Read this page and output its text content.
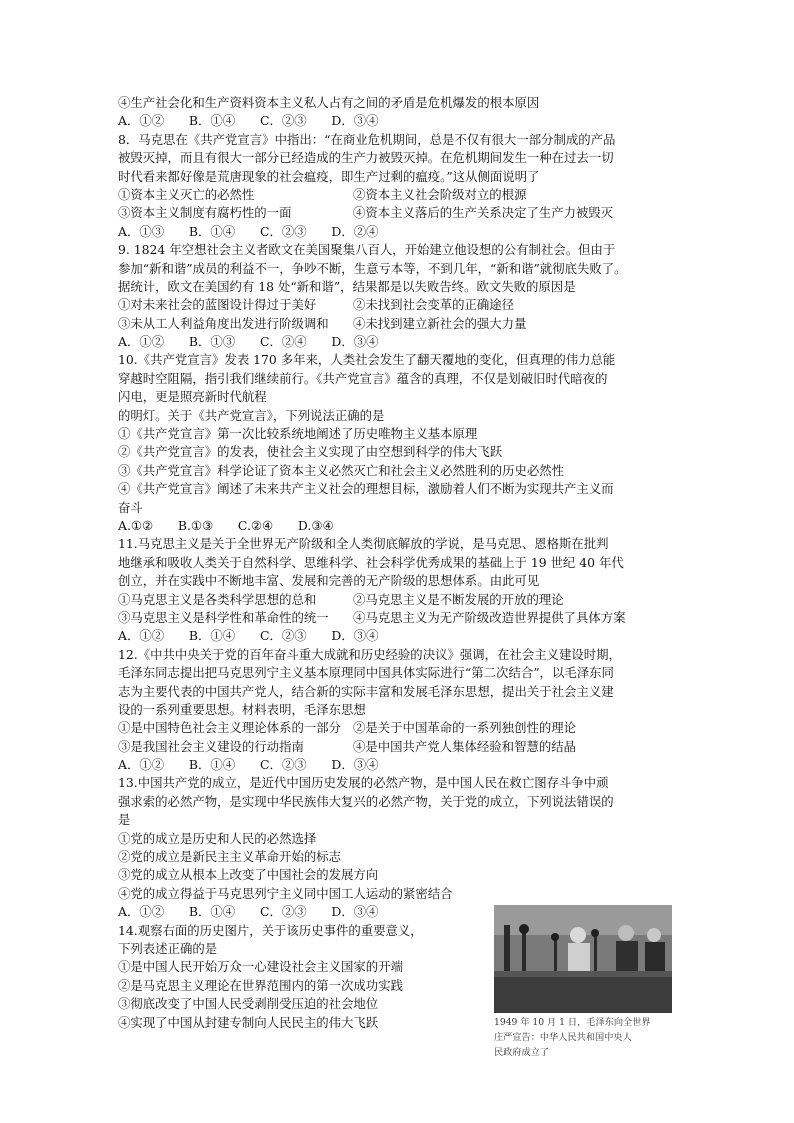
④生产社会化和生产资料资本主义私人占有之间的矛盾是危机爆发的根本原因
A．①②　　B．①④　　C．②③　　D．③④
8．马克思在《共产党宣言》中指出：“在商业危机期间，总是不仅有很大一部分制成的产品
被毁灭掉，而且有很大一部分已经造成的生产力被毁灭掉。在危机期间发生一种在过去一切
时代看来都好像是荒唐现象的社会瘟疫，即生产过剩的瘟疫。”这从侧面说明了
①资本主义灭亡的必然性	②资本主义社会阶级对立的根源
③资本主义制度有腐朽性的一面	④资本主义落后的生产关系决定了生产力被毁灭
A．①③　　B．①④　　C．②③　　D．②④
9. 1824 年空想社会主义者欧文在美国聚集八百人，开始建立他设想的公有制社会。但由于
参加“新和谐”成员的利益不一，争吵不断，生意亏本等，不到几年，“新和谐”就彻底失败了。
据统计，欧文在美国约有 18 处“新和谐”，结果都是以失败告终。欧文失败的原因是
①对未来社会的蓝图设计得过于美好	②未找到社会变革的正确途径
③未从工人利益角度出发进行阶级调和	④未找到建立新社会的强大力量
A．①②　　B．①③　　C．②④　　D．③④
10.《共产党宣言》发表 170 多年来，人类社会发生了翻天覆地的变化，但真理的伟力总能
穿越时空阻隔，指引我们继续前行。《共产党宣言》蕴含的真理，不仅是划破旧时代暗夜的
闪电，更是照亮新时代航程
的明灯。关于《共产党宣言》，下列说法正确的是
①《共产党宣言》第一次比较系统地阐述了历史唯物主义基本原理
②《共产党宣言》的发表，使社会主义实现了由空想到科学的伟大飞跃
③《共产党宣言》科学论证了资本主义必然灭亡和社会主义必然胜利的历史必然性
④《共产党宣言》阐述了未来共产主义社会的理想目标，激励着人们不断为实现共产主义而
奋斗
A.①②　　B.①③　　C.②④　　D.③④
11.马克思主义是关于全世界无产阶级和全人类彻底解放的学说，是马克思、恩格斯在批判
地继承和吸收人类关于自然科学、思维科学、社会科学优秀成果的基础上于 19 世纪 40 年代
创立，并在实践中不断地丰富、发展和完善的无产阶级的思想体系。由此可见
①马克思主义是各类科学思想的总和	②马克思主义是不断发展的开放的理论
③马克思主义是科学性和革命性的统一	④马克思主义为无产阶级改造世界提供了具体方案
A．①②　　B．①④　　C．②③　　D．③④
12.《中共中央关于党的百年奋斗重大成就和历史经验的决议》强调，在社会主义建设时期，
毛泽东同志提出把马克思列宁主义基本原理同中国具体实际进行“第二次结合”，以毛泽东同
志为主要代表的中国共产党人，结合新的实际丰富和发展毛泽东思想，提出关于社会主义建
设的一系列重要思想。材料表明，毛泽东思想
①是中国特色社会主义理论体系的一部分 ②是关于中国革命的一系列独创性的理论
③是我国社会主义建设的行动指南	④是中国共产党人集体经验和智慧的结晶
A．①②　　B．①④　　C．②③　　D．③④
13.中国共产党的成立，是近代中国历史发展的必然产物，是中国人民在救亡图存斗争中顽
强求索的必然产物，是实现中华民族伟大复兴的必然产物，关于党的成立，下列说法错误的
是
①党的成立是历史和人民的必然选择
②党的成立是新民主主义革命开始的标志
③党的成立从根本上改变了中国社会的发展方向
④党的成立得益于马克思列宁主义同中国工人运动的紧密结合
A．①②　　B．①④　　C．②③　　D．③④
14.观察右面的历史图片，关于该历史事件的重要意义，
下列表述正确的是
①是中国人民开始万众一心建设社会主义国家的开端
②是马克思主义理论在世界范围内的第一次成功实践
③彻底改变了中国人民受剥削受压迫的社会地位
④实现了中国从封建专制向人民民主的伟大飞跃	1949 年 10 月 1 日，毛泽东向全世界
庄严宣告：中华人民共和国中央人
民政府成立了
